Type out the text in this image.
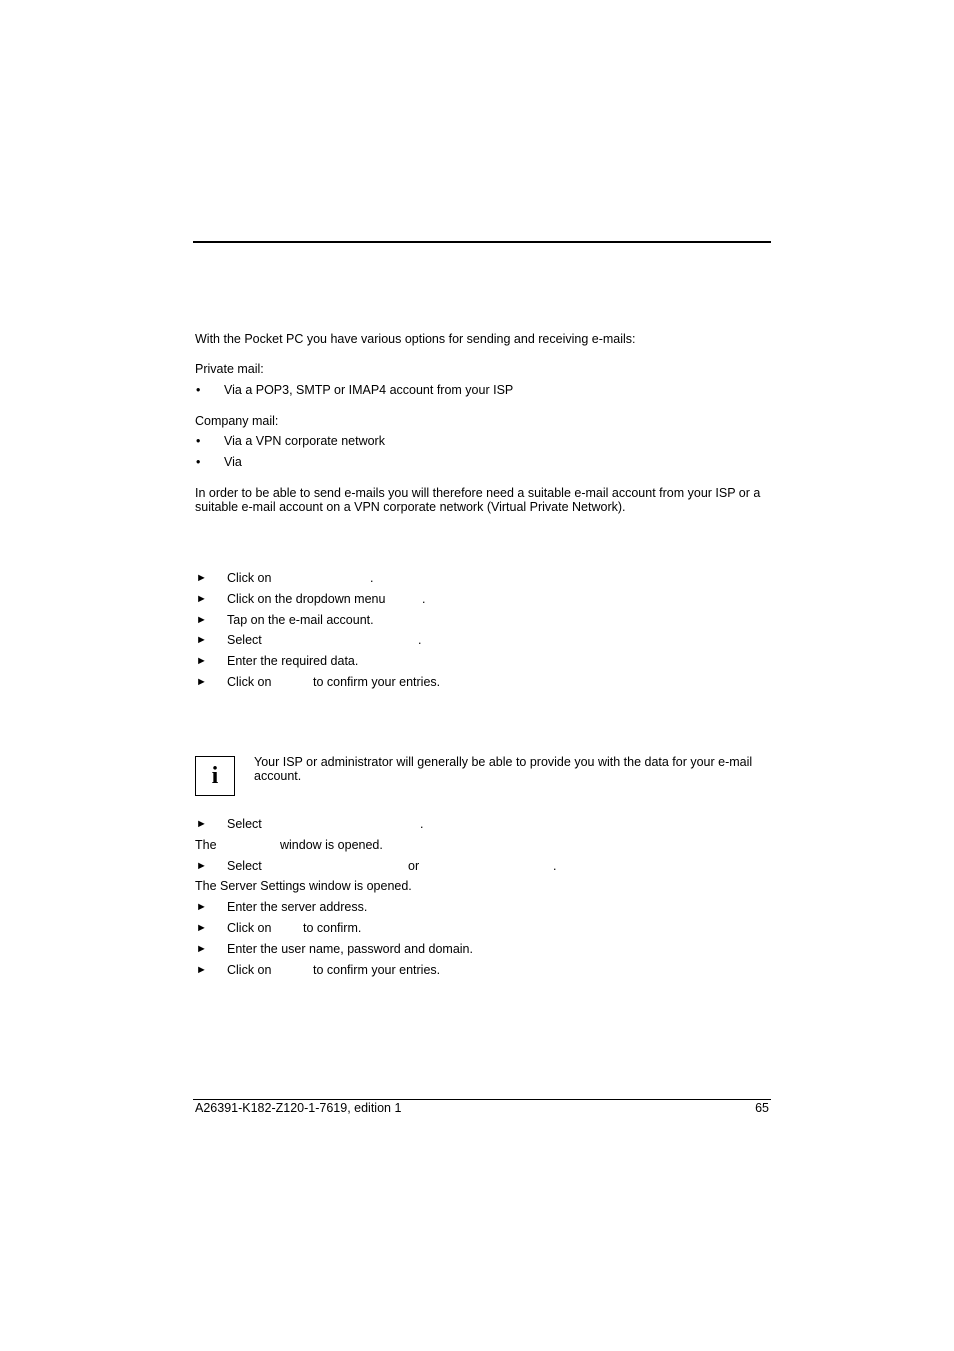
With the Pocket PC you have various options for sending and receiving e-mails:
Private mail:
• Via a POP3, SMTP or IMAP4 account from your ISP
Company mail:
• Via a VPN corporate network
• Via
In order to be able to send e-mails you will therefore need a suitable e-mail account from your ISP or a suitable e-mail account on a VPN corporate network (Virtual Private Network).
► Click on	.
► Click on the dropdown menu	.
► Tap on the e-mail account.
► Select	.
► Enter the required data.
► Click on	to confirm your entries.
i
Your ISP or administrator will generally be able to provide you with the data for your e-mail account.
► Select	.
The	window is opened.
► Select	or	.
The Server Settings window is opened.
► Enter the server address.
► Click on	to confirm.
► Enter the user name, password and domain.
► Click on	to confirm your entries.
A26391-K182-Z120-1-7619, edition 1	65
